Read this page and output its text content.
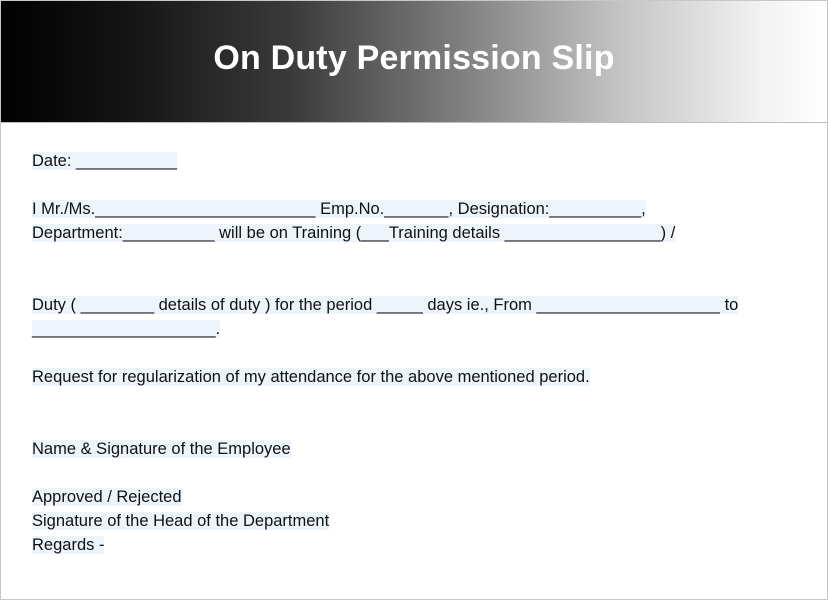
On Duty Permission Slip
Date: ___________
I Mr./Ms.________________________ Emp.No._______, Designation:__________,
Department:__________ will be on Training (___Training details _________________) /
Duty ( ________ details of duty ) for the period _____ days ie., From ____________________ to
____________________.
Request for regularization of my attendance for the above mentioned period.
Name & Signature of the Employee
Approved / Rejected
Signature of the Head of the Department
Regards -
